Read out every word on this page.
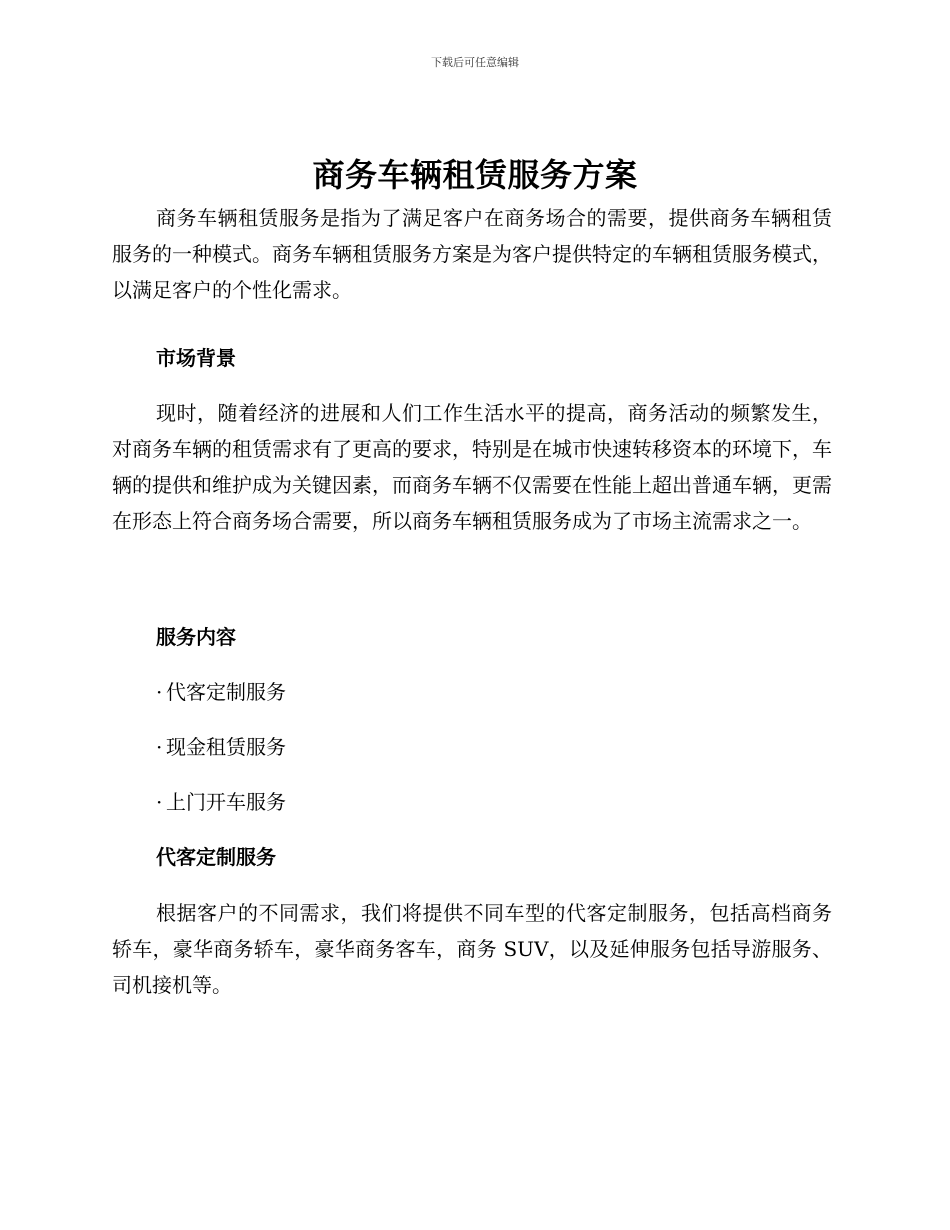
下载后可任意编辑
商务车辆租赁服务方案

商务车辆租赁服务是指为了满足客户在商务场合的需要，提供商务车辆租赁服务的一种模式。商务车辆租赁服务方案是为客户提供特定的车辆租赁服务模式，以满足客户的个性化需求。

市场背景

现时，随着经济的进展和人们工作生活水平的提高，商务活动的频繁发生，对商务车辆的租赁需求有了更高的要求，特别是在城市快速转移资本的环境下，车辆的提供和维护成为关键因素，而商务车辆不仅需要在性能上超出普通车辆，更需在形态上符合商务场合需要，所以商务车辆租赁服务成为了市场主流需求之一。

服务内容
· 代客定制服务
· 现金租赁服务
· 上门开车服务
代客定制服务

根据客户的不同需求，我们将提供不同车型的代客定制服务，包括高档商务轿车，豪华商务轿车，豪华商务客车，商务 SUV，以及延伸服务包括导游服务、司机接机等。
